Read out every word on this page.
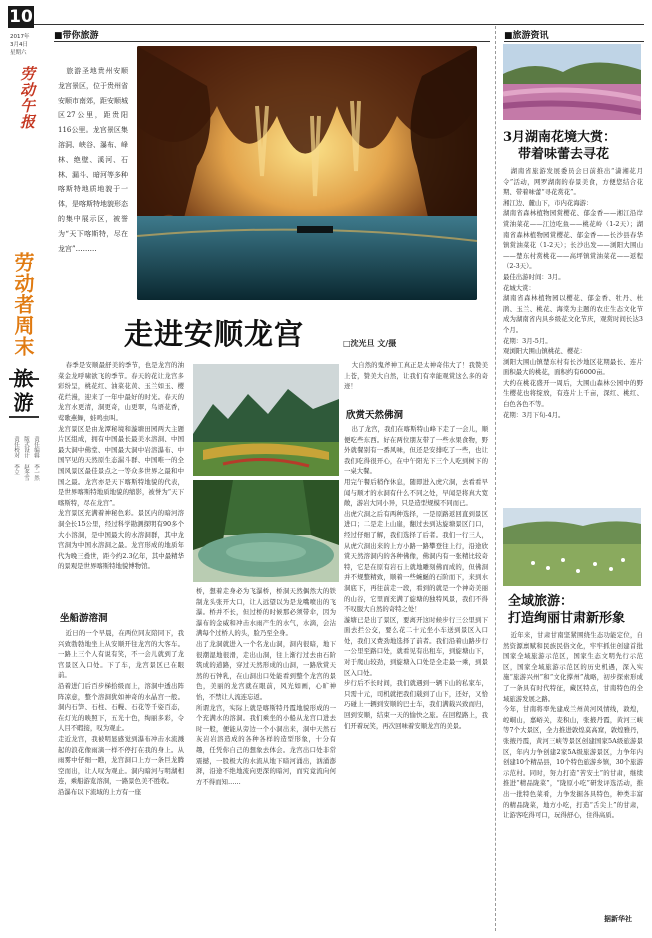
10
2017年
3月4日
星期六
劳动午报
劳动者周末
旅游
责任编辑 李一然
版式设计 赵冬雪
责任校对 李立
■带你旅游	■旅游资讯
旅游圣地贵州安顺龙宫景区，位于贵州省安顺市南郊，距安顺城区27公里，距贵阳116公里。龙宫景区集溶洞、峡谷、瀑布、峰林、绝壁、溪河、石林、漏斗、暗河等多种喀斯特地质地貌于一体，是喀斯特地貌形态的集中展示区，被誉为“天下喀斯特，尽在龙宫”………
走进安顺龙宫	□沈光旦 文/摄
春季是安顺最舒美的季节，也是龙宫的油菜金龙呼啸欲飞的季节。春天的花让龙宫多彩纷呈，桃花红、油菜花黄、玉兰如玉、樱花烂漫，迎来了一年中最好的时光。春天的龙宫水更清，洞更奇，山更翠，鸟语花香，莺歌燕舞，蛙鸣虫叫。
龙宫景区是由龙潭秘境和漩塘田园两大主题片区组成，拥有中国最长最美水溶洞、中国最大洞中佛堂、中国最大洞中岩溶瀑布、中国罕见的天然原生态漏斗群、中国唯一的全国风景区最佳景点之一等众多世界之最和中国之最。龙宫亦是天下喀斯特地貌的代表，是世界喀斯特地质地貌的缩影，被誉为“天下喀斯特，尽在龙宫”。
龙宫景区充满着神秘色彩。景区内的暗河溶洞全长15公里，经过科学勘测探明有90多个大小溶洞，是中国最大的水溶洞群，其中龙宫洞为中国水溶洞之最。龙宫形成的地质年代为晚三叠世，距今约2.3亿年，其中最精华的景观是世界喀斯特地貌博物馆。
坐船游溶洞
近日的一个早晨，在两位同友陪同下，我兴致勃勃地坐上从安顺开往龙宫的大客车。一路上三个人有说有笑，不一会儿就到了龙宫景区入口处。下了车，龙宫景区已在眼前。
沿着进门后百步梯拾级而上，溶洞中透出阵阵凉意，整个溶洞犹如神奇的水晶宫一般。洞内石笋、石柱、石幔、石花等千姿百态，在灯光的映照下，五光十色，绚丽多彩，令人目不暇接，叹为观止。
走近龙宫，我被明显感觉到瀑布冲击水流溅起的浪花像雨滴一样不停打在我的身上。从雨雾中仔细一瞧，龙宫洞口上方一条巨龙腾空而出，让人叹为观止。洞内暗河与明湖相连，乘船游览溶洞，一路景色美不胜收。
沿瀑布以下流域的上方有一座
桥，想着走身必为飞瀑桥，桥洞天然偶然大的铁制龙头张开大口，让人远望以为是龙嘴喷出的飞瀑。桥并不长，但过桥的时候那必须带伞，因为瀑布的金威和冲击水雨产生的水气，水滴，会沾满每个过桥人的头，脸乃至全身。
出了龙洞就进入一个名龙山洞，洞内很暗，地下很潮湿地很滑，走出山洞，往上渐行过去由石阶筑成的道路，穿过天然形成的山洞，一路欣赏天然的石钟乳，在山洞出口处能看到整个龙宫的景色，美丽的龙宫就在眼前，风光如画，心旷神怡，不禁让人流连忘返。
所谓龙宫，实际上就是喀斯特丹霞地貌形成的一个充满水的溶洞。我们乘坐的小船从龙宫口进去时一般，便能从旁边一个小洞出来，洞中天然石灰岩岩溶造成的各种各样的造型形象，十分有趣，任凭你自己的想象去体会。龙宫出口处非常震撼，一股极大的水流从地下暗河涌出，汹涌澎湃，沿途不绝地流向更深的暗河，而究竟流向何方不得而知……
大自然的鬼斧神工真正是太神奇伟大了！我赞美上苍，赞美大自然，让我们有幸能观赏这么多的奇迹！
欣赏天然佛洞
出了龙宫，我们在喀斯特山峰下走了一会儿，顺便吃些东西。好在两位朋友带了一些水果食物，野外就餐别有一番风味，但还是安排吃了一些，也让我们吃得很开心，在中午阳光下三个人吃到树下的一桌大餐。
用完午餐后稍作休息，随即进入虎穴洞，去看看早闻与顺才的水洞有什么不同之处，早闻是将真大宽敞，游岩大同小异，只是造型规模不同而已。
出虎穴洞之后有两种选择，一是原路返回直到景区进口；二是走上山崖，翻过去到达旋塘景区门口，经过仔细了解，我们选择了后者。我们一行三人，从虎穴洞出来的上方小路一路攀登往上行，沿途欣赏天然溶洞内的各种佛像，佛洞内有一张精比较奇特，它是在原有岩石上就地雕刻佛而成的，但佛洞并不规整精致，顺着一些蜿蜒的石阶而下，来到水洞底下，再往前走一段，看到的就是一个神奇美丽的山谷，它里面充满了旋塘的独特风景，我们不得不叹服大自然的奇特之处！
漩塘已是出了景区，要离开这时候步行三公里到下面去拦公交，要么花二十元坐小车送到景区入口处，我们又费劲地选择了前者。我们沿着山路步行一公里至路口处，就看见有出租车，到旋塘山下，对于爬山较劲，到旋塘入口处是全走最一乘，到景区入口处。
步行后不长时间，我们就遇到一辆下山的私家车，只需十元，司机就把我们载到了山下，还好，又恰巧碰上一辆到安顺的巴士车，我们满载兴致而归，回到安顺，结束一天的愉快之旅。在回程路上，我们开着玩笑，再次回味着安顺龙宫的美景。
3月湖南花境大赏：
带着味蕾去寻花
湖南省旅游发展委员会日前推出“潇湘花月令”活动，网罗湖南的春景美食，方便您结合花期、带着味蕾“寻花赏花”。
湘江边、麓山下，市内花海游：
湖南省森林植物园赏樱花、郁金香——湘江沿岸赏油菜花——江边吃鱼——桃花岭（1-2天）；湖南省森林植物园赏樱花、郁金香——长沙县春华镇赏油菜花（1-2天）；长沙出发——浏阳大围山——楚东村赏桃花——高坪镇赏油菜花——返程（2-3天）。
最佳出游时间：3月。
花城大赏：
湖南省森林植物园以樱花、郁金香、牡丹、杜鹃、玉兰、桃花、海棠为主题的农庄生态文化节成为湖南省内具乡级花文化节庆，观赏时间长达3个月。
花期：3月-5月。
观浏阳大围山镇桃花、樱花：
浏阳大围山镇楚东村有长沙地区花期最长、连片面积最大的桃花，面积约有6000亩。
大约在桃花盛开一周后，大围山森林公园中的野生樱花也将绽放，有连片上千亩，深红、桃红、白色各色不等。
花期：3月下旬-4月。
全域旅游：
打造绚丽甘肃新形象
近年来，甘肃甘南坚紧围绕生态功能定位，自然资源禀赋和民族民俗文化，牢牢抓住创建首批国家全域旅游示范区，国家生态文明先行示范区，国家全域旅游示范区的历史机遇，深入实施“旅游兴州”和“文化撑州”战略，初步探索形成了一条具有时代特征，藏区特点，甘南特色的全域旅游发展之路。
今年，甘南将率先建成兰州黄河风情线，敦煌，崆峒山，嘉峪关，麦积山，张掖丹霞，黄河三峡等7个大景区，全力推进敦煌莫高窟，敦煌雅丹，张掖丹霞，黄河三峡等景区创建国家5A级旅游景区，年内力争创建2家5A级旅游景区，力争年内创建10个精品县，10个特色旅游乡镇，30个旅游示范村。同时，努力打造“苦安土”的甘肃，继续推进“精品陇菜”，“陇原小吃”研发评选活动，推出一批特色菜肴，力争发掘各具特色，种类丰富的精品陇菜，地方小吃，打造“舌尖上”的甘肃，让游客吃得可口，玩得舒心，住得高质。
据新华社
